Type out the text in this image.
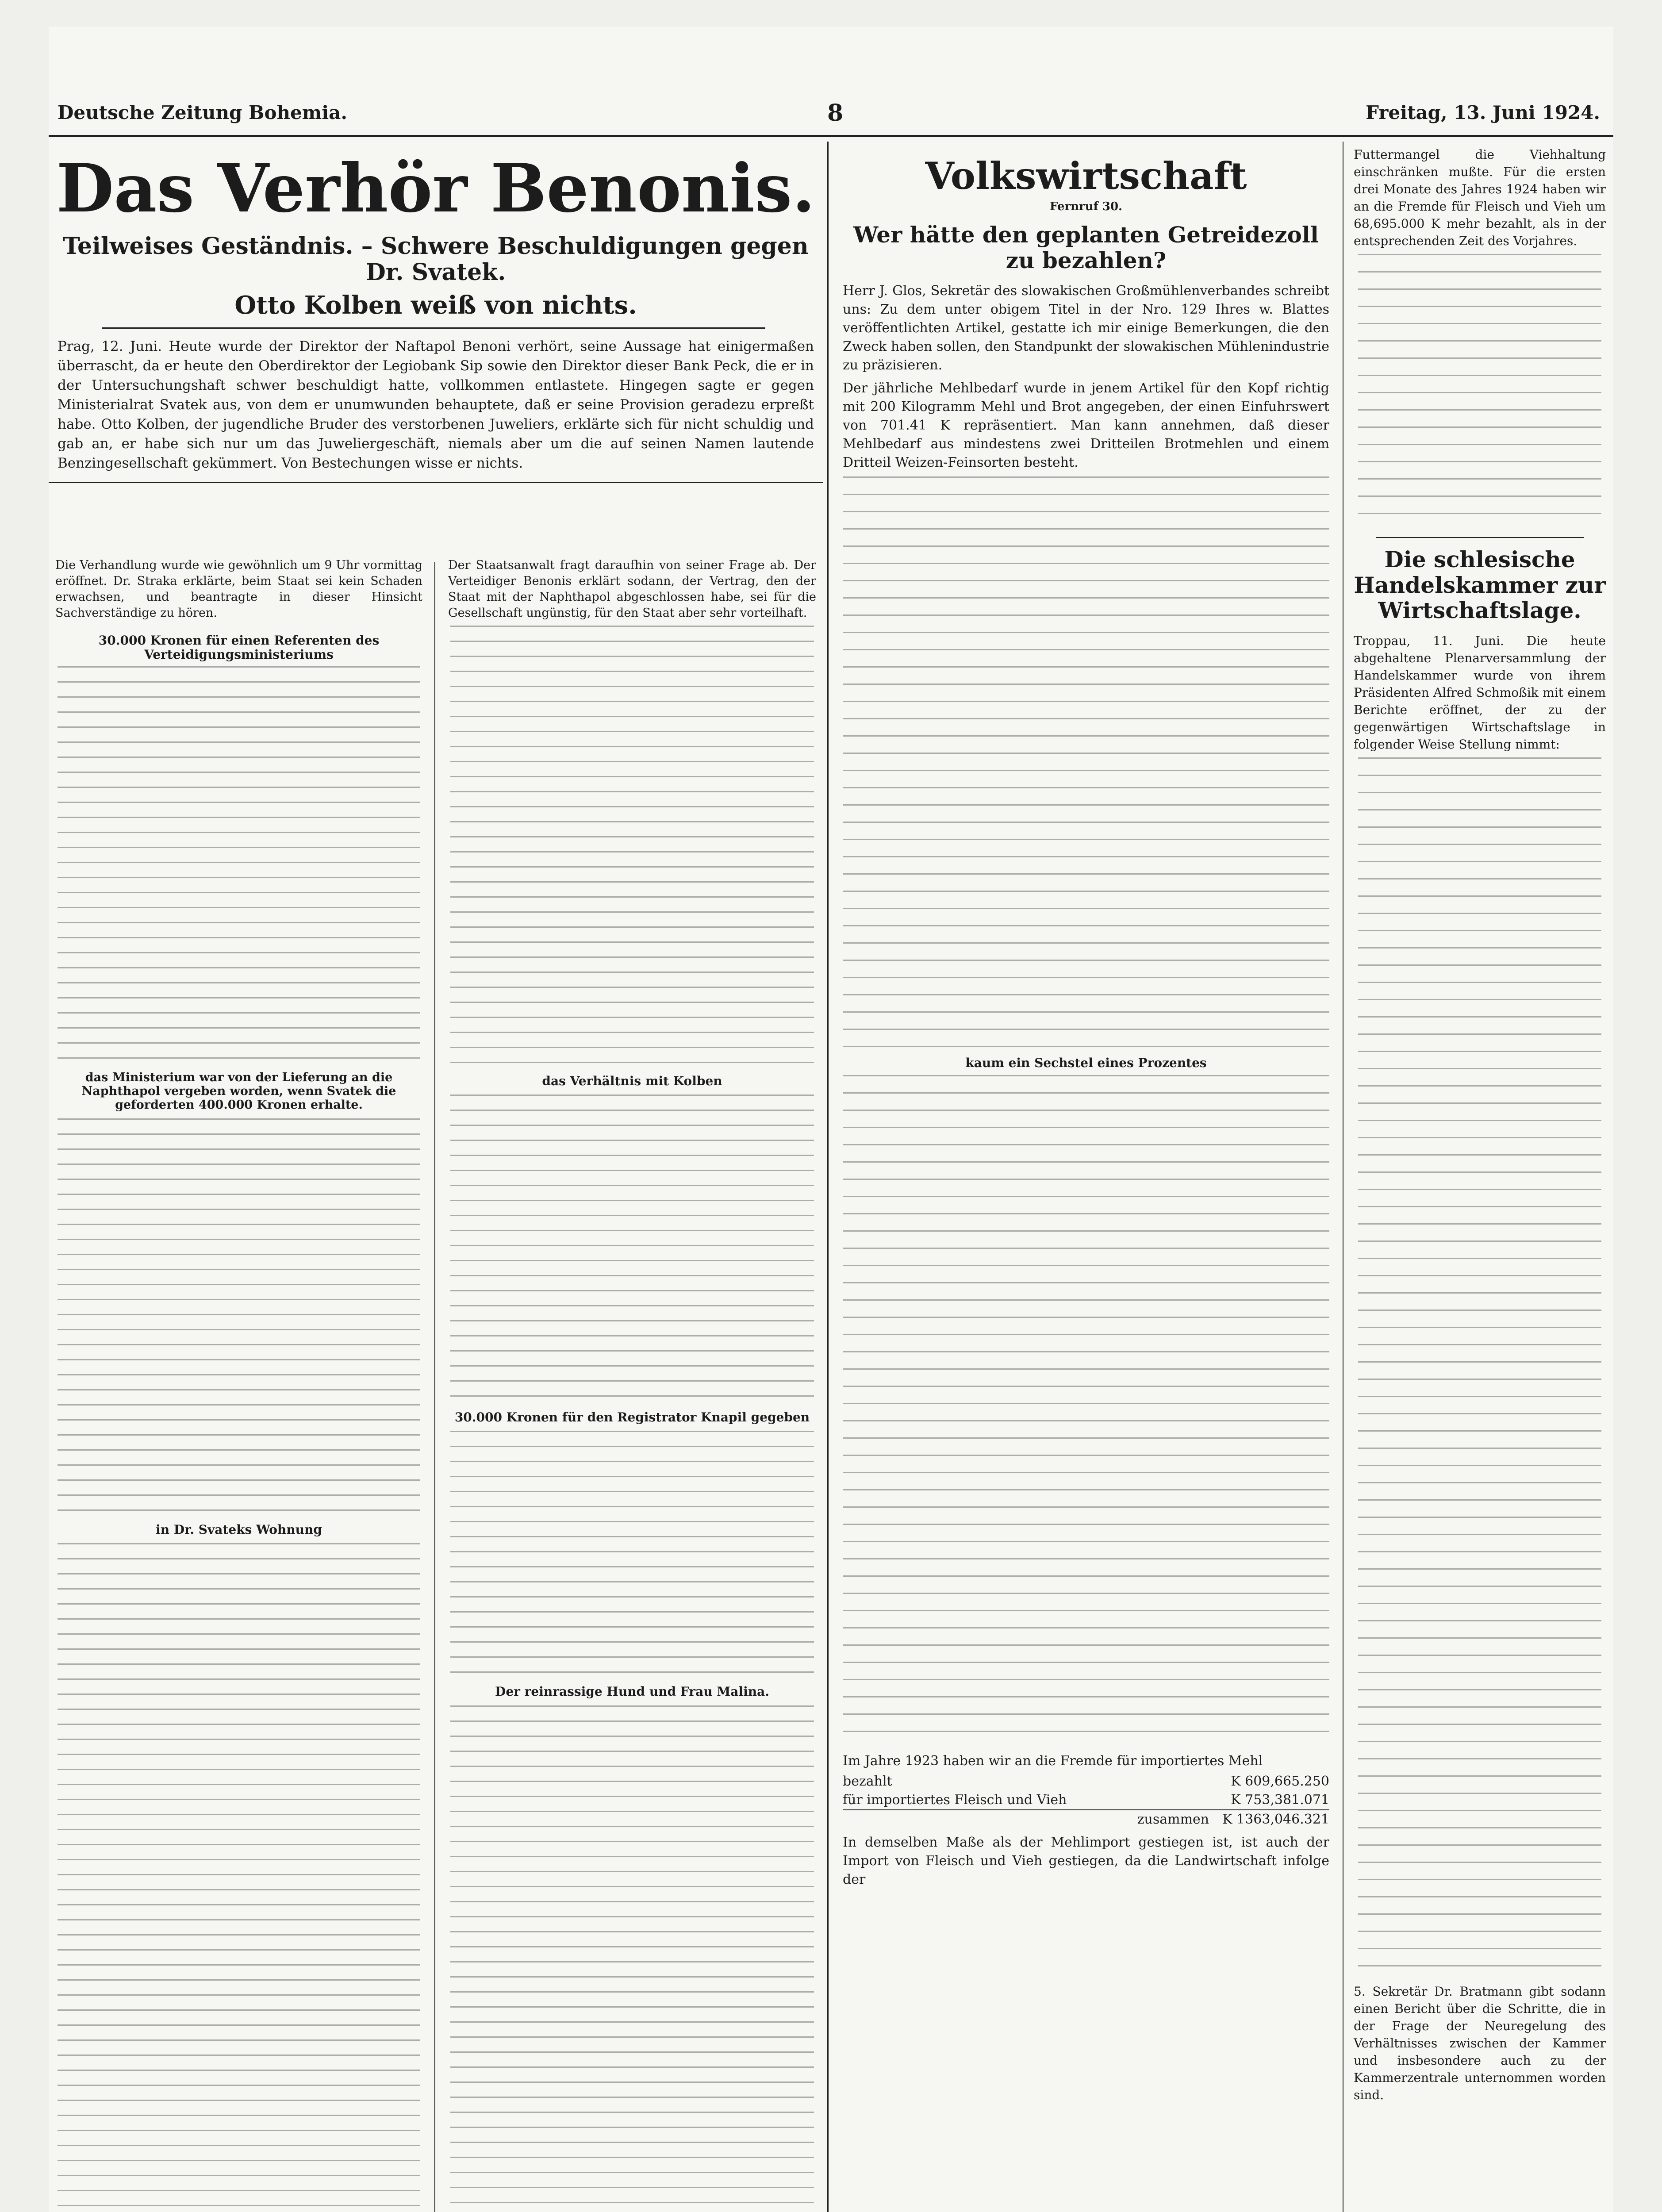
Deutsche Zeitung Bohemia.	8	Freitag, 13. Juni 1924.
Das Verhör Benonis.
Teilweises Geständnis. – Schwere Beschuldigungen gegen Dr. Svatek.
Otto Kolben weiß von nichts.

Prag, 12. Juni. Heute wurde der Direktor der Naftapol Benoni verhört, seine Aussage hat einigermaßen überrascht, da er heute den Oberdirektor der Legiobank Sip sowie den Direktor dieser Bank Peck, die er in der Untersuchungshaft schwer beschuldigt hatte, vollkommen entlastete. Hingegen sagte er gegen Ministerialrat Svatek aus, von dem er unumwunden behauptete, daß er seine Provision geradezu erpreßt habe. Otto Kolben, der jugendliche Bruder des verstorbenen Juweliers, erklärte sich für nicht schuldig und gab an, er habe sich nur um das Juweliergeschäft, niemals aber um die auf seinen Namen lautende Benzingesellschaft gekümmert. Von Bestechungen wisse er nichts.

Die Verhandlung wurde wie gewöhnlich um 9 Uhr vormittag eröffnet. Dr. Straka erklärte, beim Staat sei kein Schaden erwachsen, und beantragte in dieser Hinsicht Sachverständige zu hören.

30.000 Kronen für einen Referenten des Verteidigungsministeriums
das Ministerium war von der Lieferung an die Naphthapol vergeben worden, wenn Svatek die geforderten 400.000 Kronen erhalte.
in Dr. Svateks Wohnung

Der Staatsanwalt fragt daraufhin von seiner Frage ab. Der Verteidiger Benonis erklärt sodann, der Vertrag, den der Staat mit der Naphthapol abgeschlossen habe, sei für die Gesellschaft ungünstig, für den Staat aber sehr vorteilhaft.

das Verhältnis mit Kolben
30.000 Kronen für den Registrator Knapil gegeben
Der reinrassige Hund und Frau Malina.
Volkswirtschaft
Fernruf 30.
Wer hätte den geplanten Getreidezoll zu bezahlen?

Herr J. Glos, Sekretär des slowakischen Großmühlenverbandes schreibt uns: Zu dem unter obigem Titel in der Nro. 129 Ihres w. Blattes veröffentlichten Artikel, gestatte ich mir einige Bemerkungen, die den Zweck haben sollen, den Standpunkt der slowakischen Mühlenindustrie zu präzisieren.

Der jährliche Mehlbedarf wurde in jenem Artikel für den Kopf richtig mit 200 Kilogramm Mehl und Brot angegeben, der einen Einfuhrswert von 701.41 K repräsentiert. Man kann annehmen, daß dieser Mehlbedarf aus mindestens zwei Dritteilen Brotmehlen und einem Dritteil Weizen-Feinsorten besteht.

kaum ein Sechstel eines Prozentes

Im Jahre 1923 haben wir an die Fremde für importiertes Mehl

bezahlt	K 609,665.250
für importiertes Fleisch und Vieh	K 753,381.071
zusammen K 1363,046.321

In demselben Maße als der Mehlimport gestiegen ist, ist auch der Import von Fleisch und Vieh gestiegen, da die Landwirtschaft infolge der

Futtermangel die Viehhaltung einschränken mußte. Für die ersten drei Monate des Jahres 1924 haben wir an die Fremde für Fleisch und Vieh um 68,695.000 K mehr bezahlt, als in der entsprechenden Zeit des Vorjahres.

Die schlesische Handelskammer zur Wirtschaftslage.

Troppau, 11. Juni. Die heute abgehaltene Plenarversammlung der Handelskammer wurde von ihrem Präsidenten Alfred Schmoßik mit einem Berichte eröffnet, der zu der gegenwärtigen Wirtschaftslage in folgender Weise Stellung nimmt:

5. Sekretär Dr. Bratmann gibt sodann einen Bericht über die Schritte, die in der Frage der Neuregelung des Verhältnisses zwischen der Kammer und insbesondere auch zu der Kammerzentrale unternommen worden sind.
